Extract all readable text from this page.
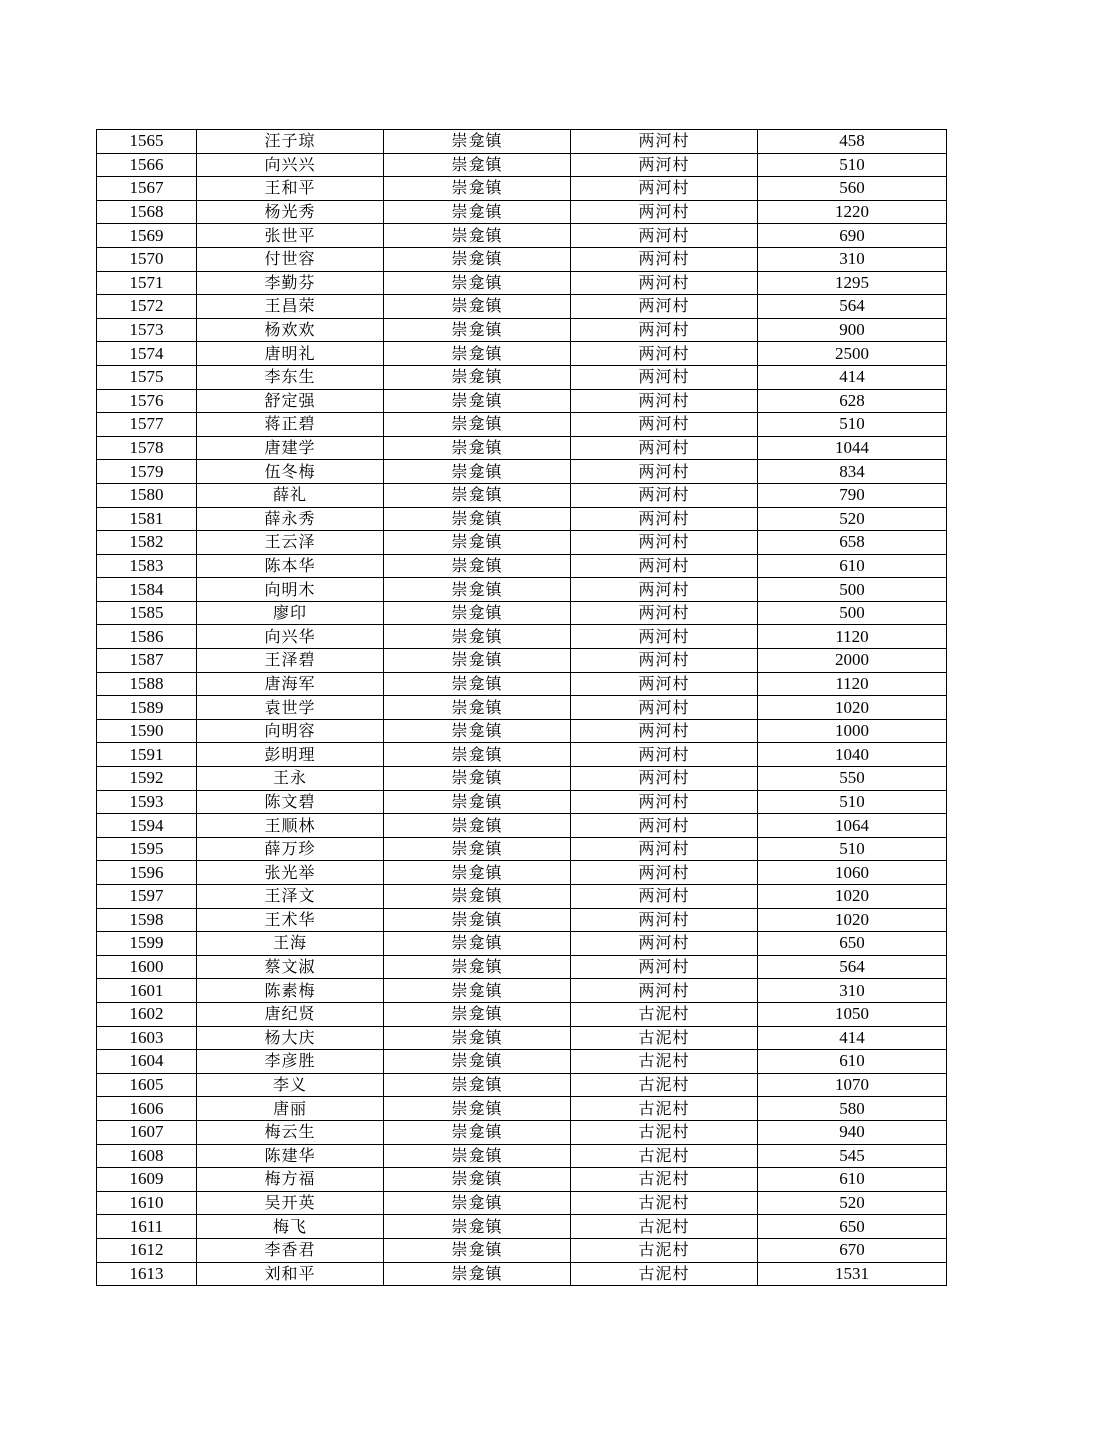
1565	汪子琼	崇龛镇	两河村	458
1566	向兴兴	崇龛镇	两河村	510
1567	王和平	崇龛镇	两河村	560
1568	杨光秀	崇龛镇	两河村	1220
1569	张世平	崇龛镇	两河村	690
1570	付世容	崇龛镇	两河村	310
1571	李勤芬	崇龛镇	两河村	1295
1572	王昌荣	崇龛镇	两河村	564
1573	杨欢欢	崇龛镇	两河村	900
1574	唐明礼	崇龛镇	两河村	2500
1575	李东生	崇龛镇	两河村	414
1576	舒定强	崇龛镇	两河村	628
1577	蒋正碧	崇龛镇	两河村	510
1578	唐建学	崇龛镇	两河村	1044
1579	伍冬梅	崇龛镇	两河村	834
1580	薛礼	崇龛镇	两河村	790
1581	薛永秀	崇龛镇	两河村	520
1582	王云泽	崇龛镇	两河村	658
1583	陈本华	崇龛镇	两河村	610
1584	向明木	崇龛镇	两河村	500
1585	廖印	崇龛镇	两河村	500
1586	向兴华	崇龛镇	两河村	1120
1587	王泽碧	崇龛镇	两河村	2000
1588	唐海军	崇龛镇	两河村	1120
1589	袁世学	崇龛镇	两河村	1020
1590	向明容	崇龛镇	两河村	1000
1591	彭明理	崇龛镇	两河村	1040
1592	王永	崇龛镇	两河村	550
1593	陈文碧	崇龛镇	两河村	510
1594	王顺林	崇龛镇	两河村	1064
1595	薛万珍	崇龛镇	两河村	510
1596	张光举	崇龛镇	两河村	1060
1597	王泽文	崇龛镇	两河村	1020
1598	王术华	崇龛镇	两河村	1020
1599	王海	崇龛镇	两河村	650
1600	蔡文淑	崇龛镇	两河村	564
1601	陈素梅	崇龛镇	两河村	310
1602	唐纪贤	崇龛镇	古泥村	1050
1603	杨大庆	崇龛镇	古泥村	414
1604	李彦胜	崇龛镇	古泥村	610
1605	李义	崇龛镇	古泥村	1070
1606	唐丽	崇龛镇	古泥村	580
1607	梅云生	崇龛镇	古泥村	940
1608	陈建华	崇龛镇	古泥村	545
1609	梅方福	崇龛镇	古泥村	610
1610	吴开英	崇龛镇	古泥村	520
1611	梅飞	崇龛镇	古泥村	650
1612	李香君	崇龛镇	古泥村	670
1613	刘和平	崇龛镇	古泥村	1531
